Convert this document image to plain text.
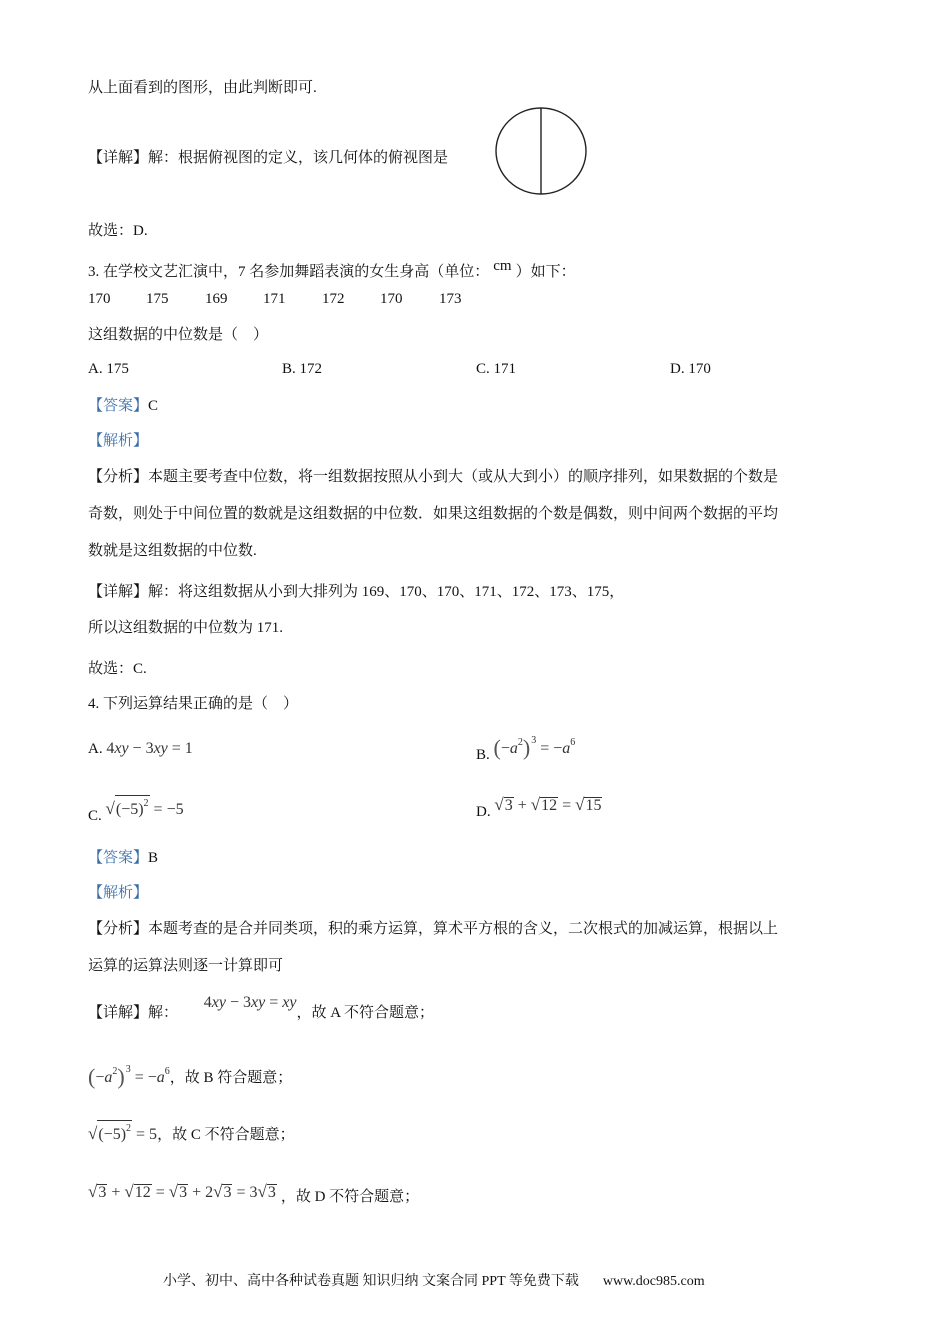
从上面看到的图形，由此判断即可.
【详解】解：根据俯视图的定义，该几何体的俯视图是
故选：D.
3. 在学校文艺汇演中，7 名参加舞蹈表演的女生身高（单位： cm ）如下：
170 175 169 171 172 170 173
这组数据的中位数是（　）
A. 175	B. 172	C. 171	D. 170
【答案】C
【解析】
【分析】本题主要考查中位数，将一组数据按照从小到大（或从大到小）的顺序排列，如果数据的个数是
奇数，则处于中间位置的数就是这组数据的中位数．如果这组数据的个数是偶数，则中间两个数据的平均
数就是这组数据的中位数.
【详解】解：将这组数据从小到大排列为 169、170、170、171、172、173、175，
所以这组数据的中位数为 171.
故选：C.
4. 下列运算结果正确的是（　）
A. 4xy − 3xy = 1	B. $(-a^2)^3 = -a^6$
C. $√(-5)^2 = -5$	D. √3 + √12 = √15
【答案】B
【解析】
【分析】本题考查的是合并同类项，积的乘方运算，算术平方根的含义，二次根式的加减运算，根据以上
运算的运算法则逐一计算即可
【详解】解： 4xy − 3xy = xy，故 A 不符合题意；
$(-a^2)^3 = -a^6$，故 B 符合题意；
$√(-5)^2 = 5$，故 C 不符合题意；
√3 + √12 = √3 + 2√3 = 3√3 ，故 D 不符合题意；
小学、初中、高中各种试卷真题 知识归纳 文案合同 PPT 等免费下载 www.doc985.com
